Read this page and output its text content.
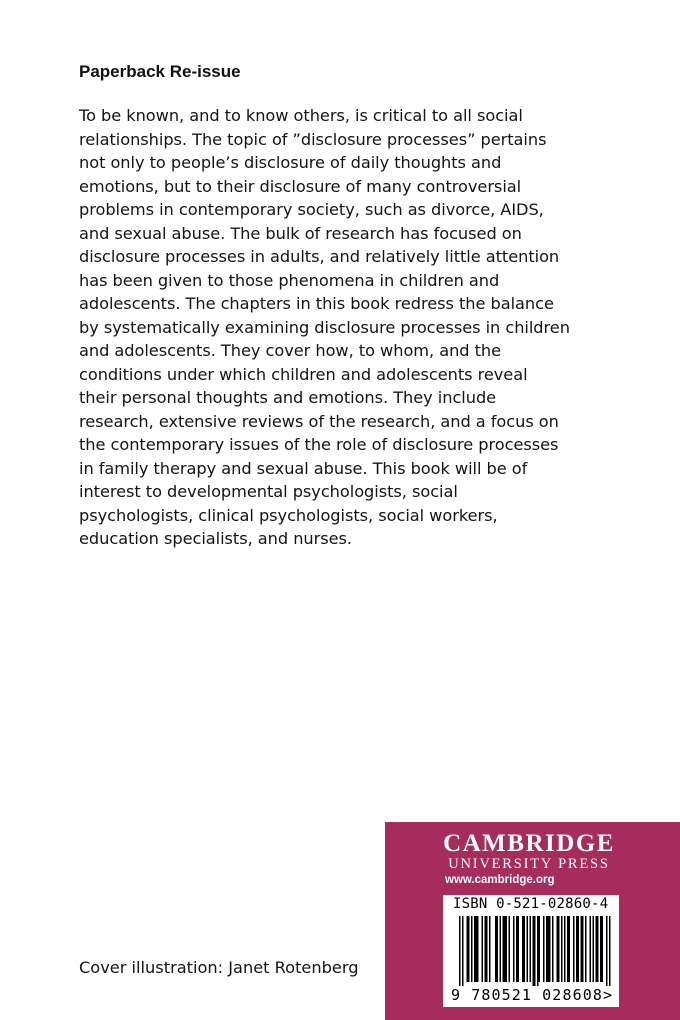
Paperback Re-issue

To be known, and to know others, is critical to all social
relationships. The topic of ”disclosure processes” pertains
not only to people’s disclosure of daily thoughts and
emotions, but to their disclosure of many controversial
problems in contemporary society, such as divorce, AIDS,
and sexual abuse. The bulk of research has focused on
disclosure processes in adults, and relatively little attention
has been given to those phenomena in children and
adolescents. The chapters in this book redress the balance
by systematically examining disclosure processes in children
and adolescents. They cover how, to whom, and the
conditions under which children and adolescents reveal
their personal thoughts and emotions. They include
research, extensive reviews of the research, and a focus on
the contemporary issues of the role of disclosure processes
in family therapy and sexual abuse. This book will be of
interest to developmental psychologists, social
psychologists, clinical psychologists, social workers,
education specialists, and nurses.

Cover illustration: Janet Rotenberg
CAMBRIDGE
UNIVERSITY PRESS
www.cambridge.org
ISBN 0-521-02860-4
9 780521 028608>
